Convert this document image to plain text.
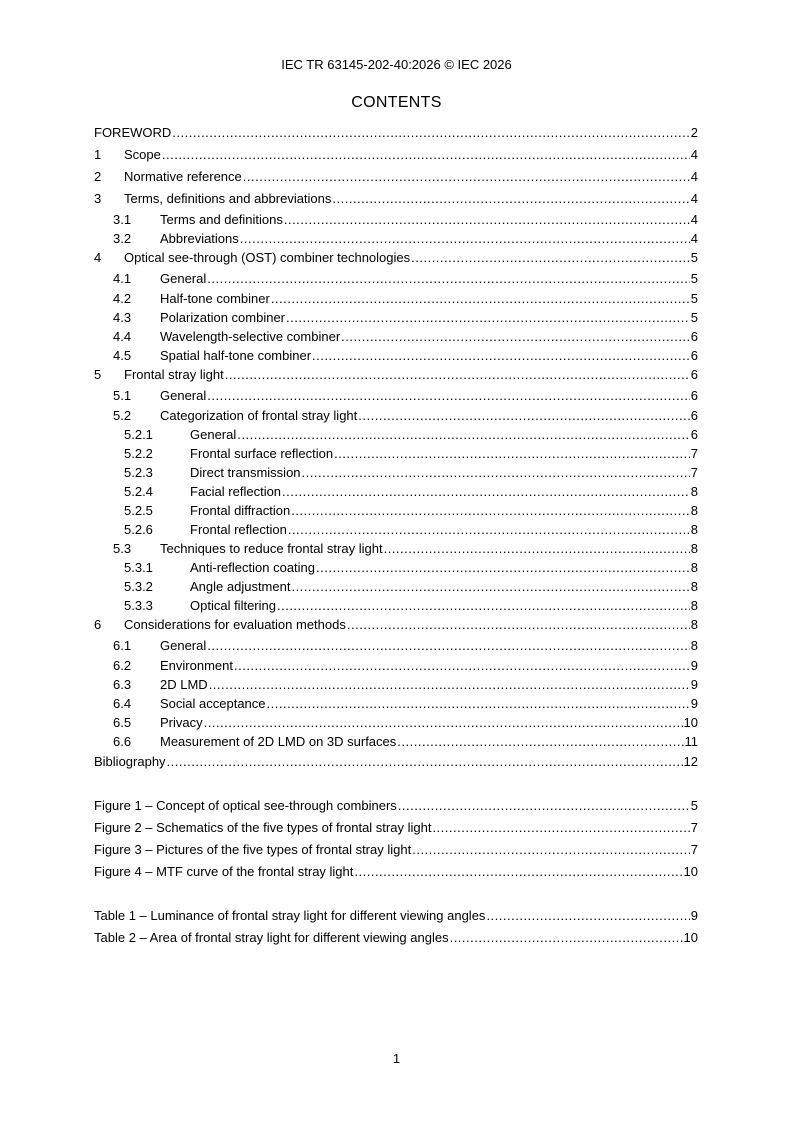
IEC TR 63145-202-40:2026 © IEC 2026
CONTENTS
FOREWORD .....	2
1	Scope .....	4
2	Normative reference .....	4
3	Terms, definitions and abbreviations .....	4
3.1	Terms and definitions .....	4
3.2	Abbreviations .....	4
4	Optical see-through (OST) combiner technologies .....	5
4.1	General .....	5
4.2	Half-tone combiner .....	5
4.3	Polarization combiner .....	5
4.4	Wavelength-selective combiner .....	6
4.5	Spatial half-tone combiner .....	6
5	Frontal stray light .....	6
5.1	General .....	6
5.2	Categorization of frontal stray light .....	6
5.2.1	General .....	6
5.2.2	Frontal surface reflection .....	7
5.2.3	Direct transmission .....	7
5.2.4	Facial reflection .....	8
5.2.5	Frontal diffraction .....	8
5.2.6	Frontal reflection .....	8
5.3	Techniques to reduce frontal stray light .....	8
5.3.1	Anti-reflection coating .....	8
5.3.2	Angle adjustment .....	8
5.3.3	Optical filtering .....	8
6	Considerations for evaluation methods .....	8
6.1	General .....	8
6.2	Environment .....	9
6.3	2D LMD .....	9
6.4	Social acceptance .....	9
6.5	Privacy .....	10
6.6	Measurement of 2D LMD on 3D surfaces .....	11
Bibliography .....	12
Figure 1 – Concept of optical see-through combiners .....	5
Figure 2 – Schematics of the five types of frontal stray light .....	7
Figure 3 – Pictures of the five types of frontal stray light .....	7
Figure 4 – MTF curve of the frontal stray light .....	10
Table 1 – Luminance of frontal stray light for different viewing angles .....	9
Table 2 – Area of frontal stray light for different viewing angles .....	10
1
